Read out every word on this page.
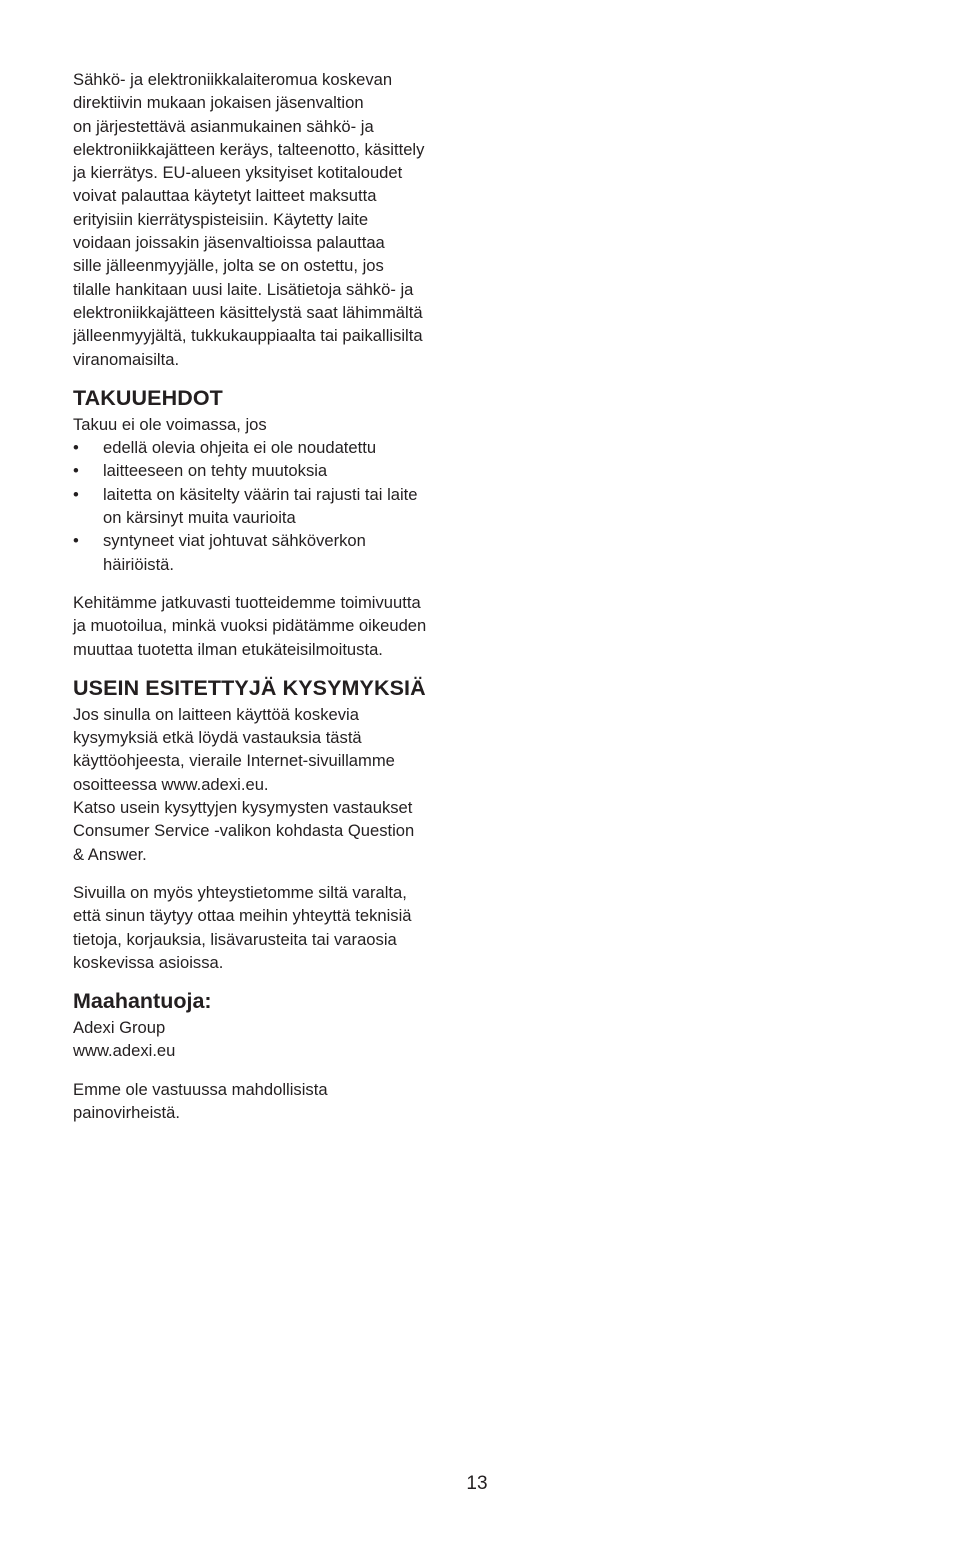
Sähkö- ja elektroniikkalaiteromua koskevan
direktiivin mukaan jokaisen jäsenvaltion
on järjestettävä asianmukainen sähkö- ja
elektroniikkajätteen keräys, talteenotto, käsittely
ja kierrätys. EU-alueen yksityiset kotitaloudet
voivat palauttaa käytetyt laitteet maksutta
erityisiin kierrätyspisteisiin. Käytetty laite
voidaan joissakin jäsenvaltioissa palauttaa
sille jälleenmyyjälle, jolta se on ostettu, jos
tilalle hankitaan uusi laite. Lisätietoja sähkö- ja
elektroniikkajätteen käsittelystä saat lähimmältä
jälleenmyyjältä, tukkukauppiaalta tai paikallisilta
viranomaisilta.

TAKUUEHDOT

Takuu ei ole voimassa, jos

• edellä olevia ohjeita ei ole noudatettu
• laitteeseen on tehty muutoksia
• laitetta on käsitelty väärin tai rajusti tai laite
on kärsinyt muita vaurioita
• syntyneet viat johtuvat sähköverkon
häiriöistä.

Kehitämme jatkuvasti tuotteidemme toimivuutta
ja muotoilua, minkä vuoksi pidätämme oikeuden
muuttaa tuotetta ilman etukäteisilmoitusta.

USEIN ESITETTYJÄ KYSYMYKSIÄ

Jos sinulla on laitteen käyttöä koskevia
kysymyksiä etkä löydä vastauksia tästä
käyttöohjeesta, vieraile Internet-sivuillamme
osoitteessa www.adexi.eu.
Katso usein kysyttyjen kysymysten vastaukset
Consumer Service -valikon kohdasta Question
& Answer.

Sivuilla on myös yhteystietomme siltä varalta,
että sinun täytyy ottaa meihin yhteyttä teknisiä
tietoja, korjauksia, lisävarusteita tai varaosia
koskevissa asioissa.

Maahantuoja:

Adexi Group
www.adexi.eu

Emme ole vastuussa mahdollisista
painovirheistä.

13
